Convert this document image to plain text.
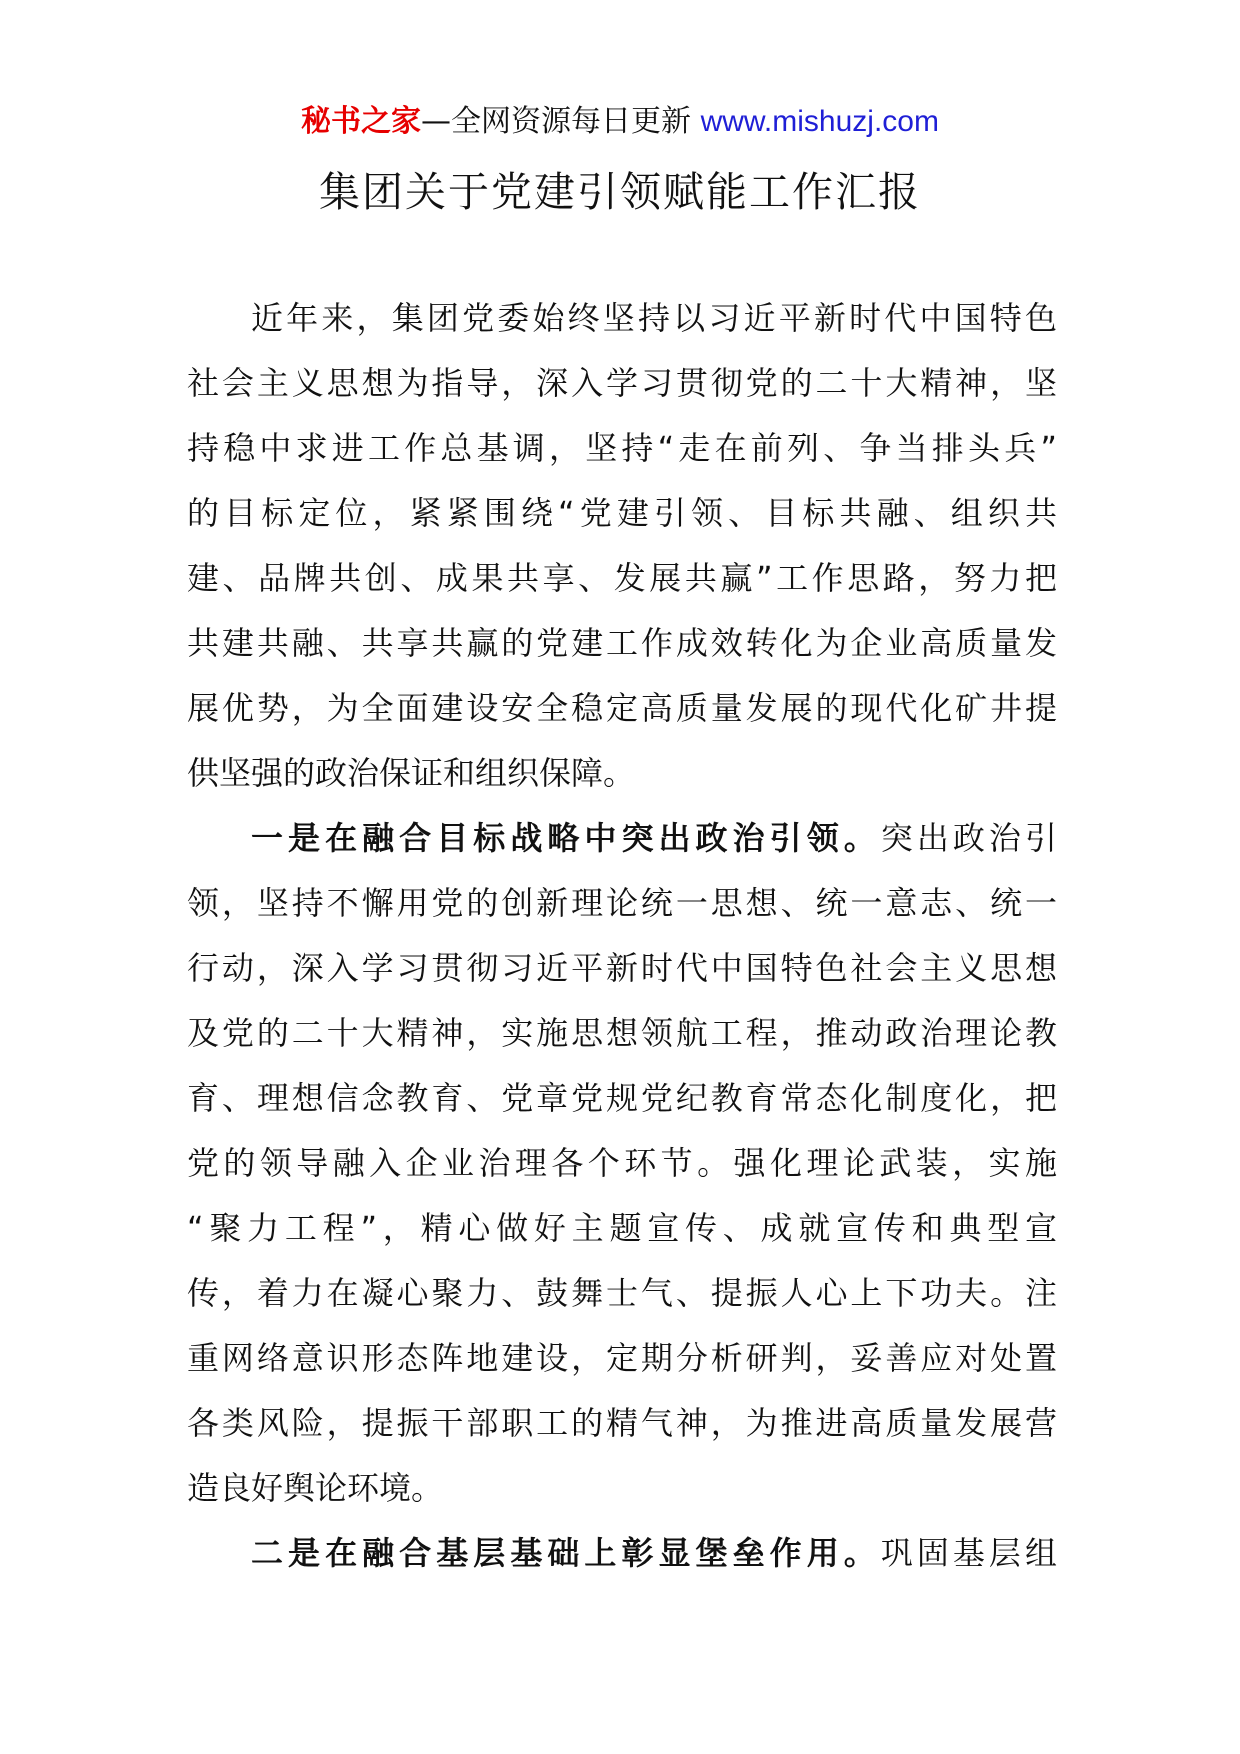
秘书之家—全网资源每日更新 www.mishuzj.com
集团关于党建引领赋能工作汇报
近年来，集团党委始终坚持以习近平新时代中国特色
社会主义思想为指导，深入学习贯彻党的二十大精神，坚
持稳中求进工作总基调，坚持“走在前列、争当排头兵”
的目标定位，紧紧围绕“党建引领、目标共融、组织共
建、品牌共创、成果共享、发展共赢”工作思路，努力把
共建共融、共享共赢的党建工作成效转化为企业高质量发
展优势，为全面建设安全稳定高质量发展的现代化矿井提
供坚强的政治保证和组织保障。
一是在融合目标战略中突出政治引领。突出政治引
领，坚持不懈用党的创新理论统一思想、统一意志、统一
行动，深入学习贯彻习近平新时代中国特色社会主义思想
及党的二十大精神，实施思想领航工程，推动政治理论教
育、理想信念教育、党章党规党纪教育常态化制度化，把
党的领导融入企业治理各个环节。强化理论武装，实施
“聚力工程”，精心做好主题宣传、成就宣传和典型宣
传，着力在凝心聚力、鼓舞士气、提振人心上下功夫。注
重网络意识形态阵地建设，定期分析研判，妥善应对处置
各类风险，提振干部职工的精气神，为推进高质量发展营
造良好舆论环境。
二是在融合基层基础上彰显堡垒作用。巩固基层组
